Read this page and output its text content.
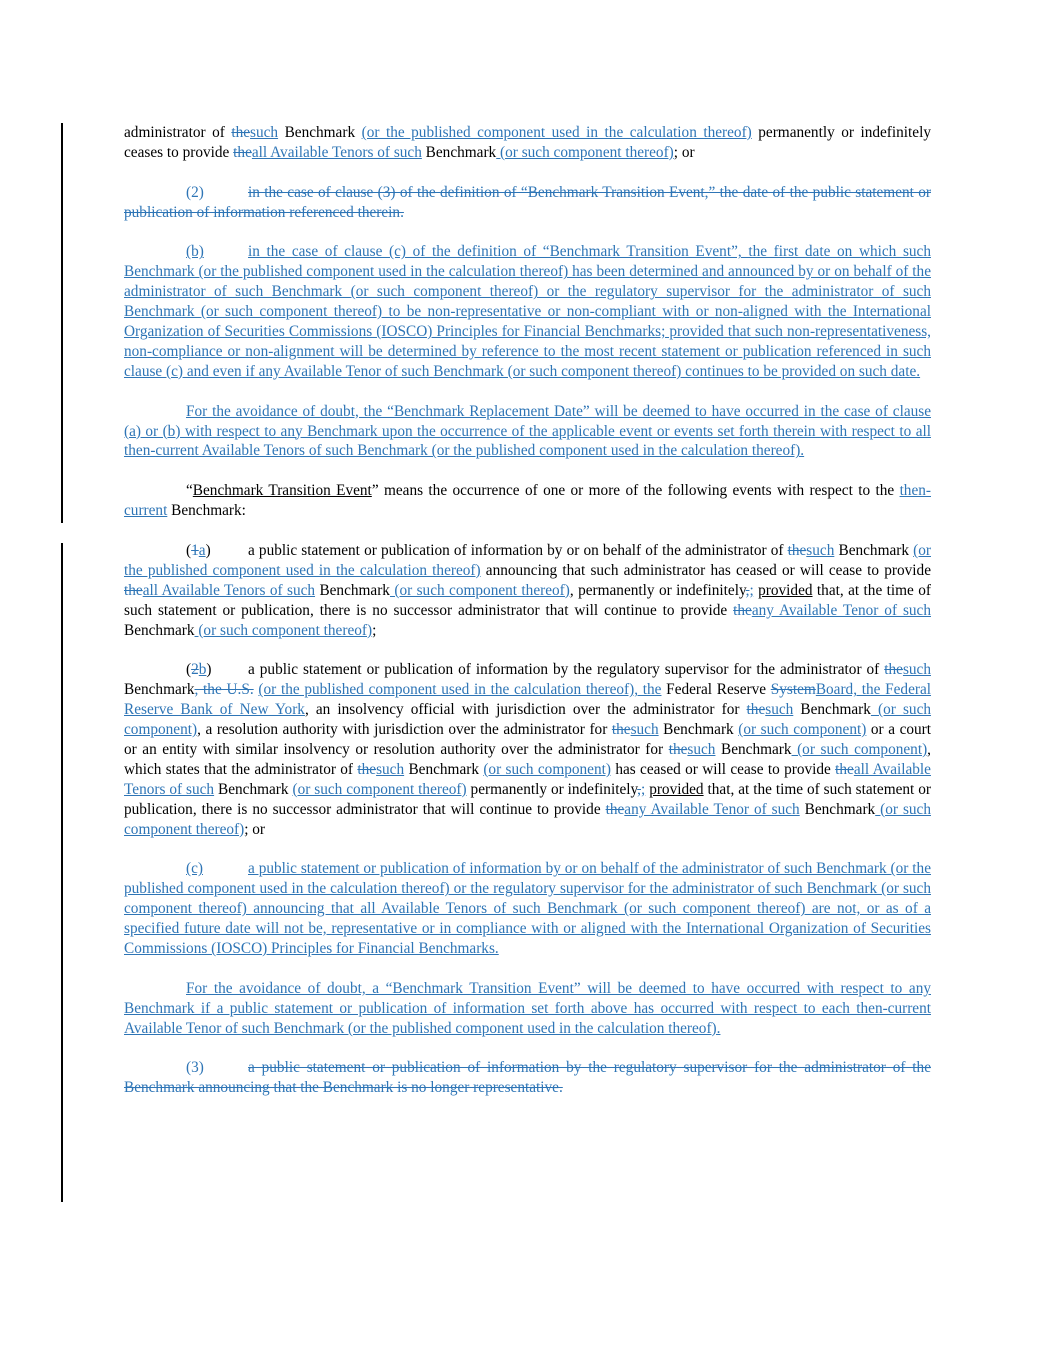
administrator of thesuch Benchmark (or the published component used in the calculation thereof) permanently or indefinitely ceases to provide theall Available Tenors of such Benchmark (or such component thereof); or

(2)	in the case of clause (3) of the definition of “Benchmark Transition Event,” the date of the public statement or publication of information referenced therein.

(b)	in the case of clause (c) of the definition of “Benchmark Transition Event”, the first date on which such Benchmark (or the published component used in the calculation thereof) has been determined and announced by or on behalf of the administrator of such Benchmark (or such component thereof) or the regulatory supervisor for the administrator of such Benchmark (or such component thereof) to be non-representative or non-compliant with or non-aligned with the International Organization of Securities Commissions (IOSCO) Principles for Financial Benchmarks; provided that such non-representativeness, non-compliance or non-alignment will be determined by reference to the most recent statement or publication referenced in such clause (c) and even if any Available Tenor of such Benchmark (or such component thereof) continues to be provided on such date.

For the avoidance of doubt, the “Benchmark Replacement Date” will be deemed to have occurred in the case of clause (a) or (b) with respect to any Benchmark upon the occurrence of the applicable event or events set forth therein with respect to all then-current Available Tenors of such Benchmark (or the published component used in the calculation thereof).

“Benchmark Transition Event” means the occurrence of one or more of the following events with respect to the then-current Benchmark:

(1a) a public statement or publication of information by or on behalf of the administrator of thesuch Benchmark (or the published component used in the calculation thereof) announcing that such administrator has ceased or will cease to provide theall Available Tenors of such Benchmark (or such component thereof), permanently or indefinitely,; provided that, at the time of such statement or publication, there is no successor administrator that will continue to provide theany Available Tenor of such Benchmark (or such component thereof);

(2b) a public statement or publication of information by the regulatory supervisor for the administrator of thesuch Benchmark, the U.S. (or the published component used in the calculation thereof), the Federal Reserve SystemBoard, the Federal Reserve Bank of New York, an insolvency official with jurisdiction over the administrator for thesuch Benchmark (or such component), a resolution authority with jurisdiction over the administrator for thesuch Benchmark (or such component) or a court or an entity with similar insolvency or resolution authority over the administrator for thesuch Benchmark (or such component), which states that the administrator of thesuch Benchmark (or such component) has ceased or will cease to provide theall Available Tenors of such Benchmark (or such component thereof) permanently or indefinitely,; provided that, at the time of such statement or publication, there is no successor administrator that will continue to provide theany Available Tenor of such Benchmark (or such component thereof); or

(c)	a public statement or publication of information by or on behalf of the administrator of such Benchmark (or the published component used in the calculation thereof) or the regulatory supervisor for the administrator of such Benchmark (or such component thereof) announcing that all Available Tenors of such Benchmark (or such component thereof) are not, or as of a specified future date will not be, representative or in compliance with or aligned with the International Organization of Securities Commissions (IOSCO) Principles for Financial Benchmarks.

For the avoidance of doubt, a “Benchmark Transition Event” will be deemed to have occurred with respect to any Benchmark if a public statement or publication of information set forth above has occurred with respect to each then-current Available Tenor of such Benchmark (or the published component used in the calculation thereof).

(3)	a public statement or publication of information by the regulatory supervisor for the administrator of the Benchmark announcing that the Benchmark is no longer representative.
